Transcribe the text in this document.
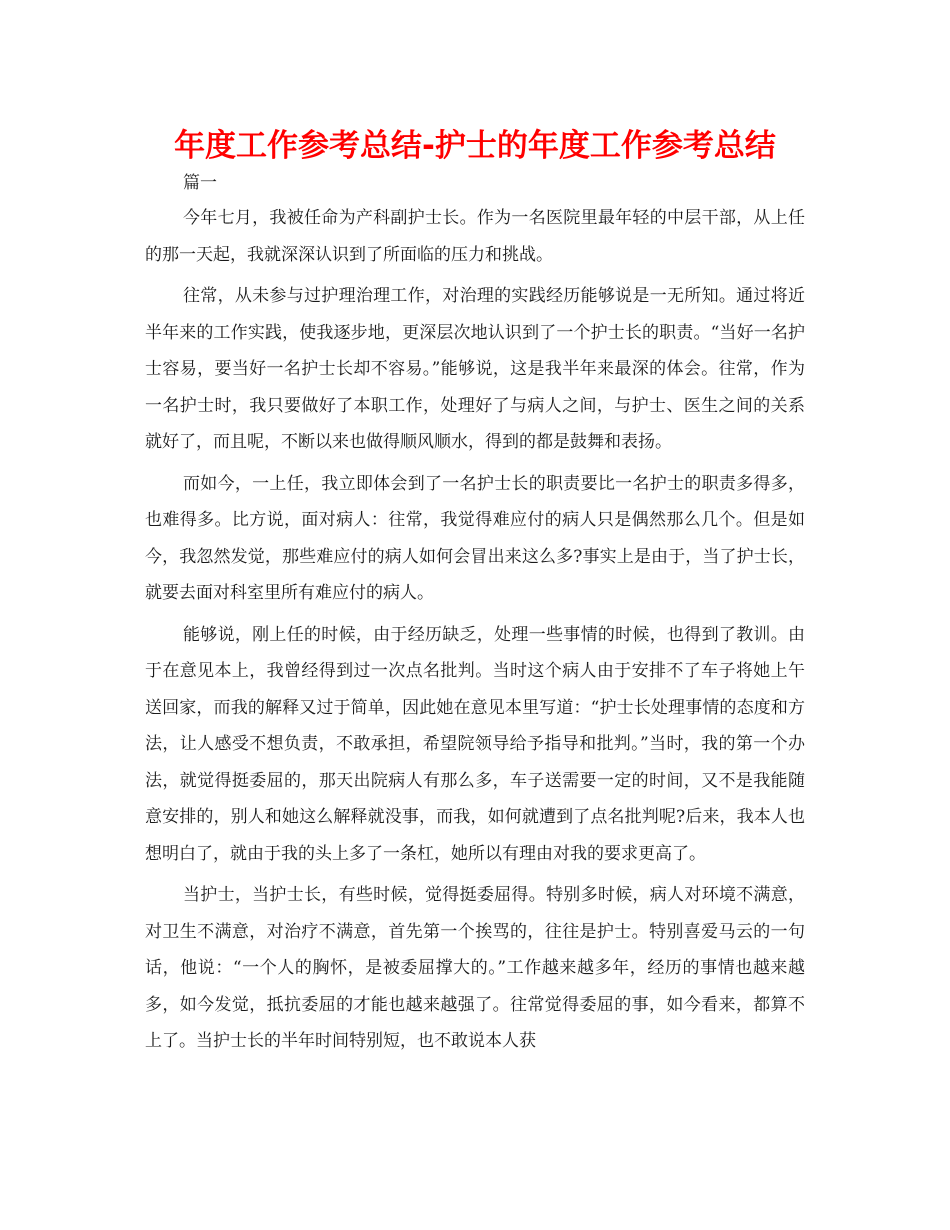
年度工作参考总结-护士的年度工作参考总结

篇一

今年七月，我被任命为产科副护士长。作为一名医院里最年轻的中层干部，从上任的那一天起，我就深深认识到了所面临的压力和挑战。

往常，从未参与过护理治理工作，对治理的实践经历能够说是一无所知。通过将近半年来的工作实践，使我逐步地，更深层次地认识到了一个护士长的职责。“当好一名护士容易，要当好一名护士长却不容易。”能够说，这是我半年来最深的体会。往常，作为一名护士时，我只要做好了本职工作，处理好了与病人之间，与护士、医生之间的关系就好了，而且呢，不断以来也做得顺风顺水，得到的都是鼓舞和表扬。

而如今，一上任，我立即体会到了一名护士长的职责要比一名护士的职责多得多，也难得多。比方说，面对病人：往常，我觉得难应付的病人只是偶然那么几个。但是如今，我忽然发觉，那些难应付的病人如何会冒出来这么多?事实上是由于，当了护士长，就要去面对科室里所有难应付的病人。

能够说，刚上任的时候，由于经历缺乏，处理一些事情的时候，也得到了教训。由于在意见本上，我曾经得到过一次点名批判。当时这个病人由于安排不了车子将她上午送回家，而我的解释又过于简单，因此她在意见本里写道：“护士长处理事情的态度和方法，让人感受不想负责，不敢承担，希望院领导给予指导和批判。”当时，我的第一个办法，就觉得挺委屈的，那天出院病人有那么多，车子送需要一定的时间，又不是我能随意安排的，别人和她这么解释就没事，而我，如何就遭到了点名批判呢?后来，我本人也想明白了，就由于我的头上多了一条杠，她所以有理由对我的要求更高了。

当护士，当护士长，有些时候，觉得挺委屈得。特别多时候，病人对环境不满意，对卫生不满意，对治疗不满意，首先第一个挨骂的，往往是护士。特别喜爱马云的一句话，他说：“一个人的胸怀，是被委屈撑大的。”工作越来越多年，经历的事情也越来越多，如今发觉，抵抗委屈的才能也越来越强了。往常觉得委屈的事，如今看来，都算不上了。当护士长的半年时间特别短，也不敢说本人获
